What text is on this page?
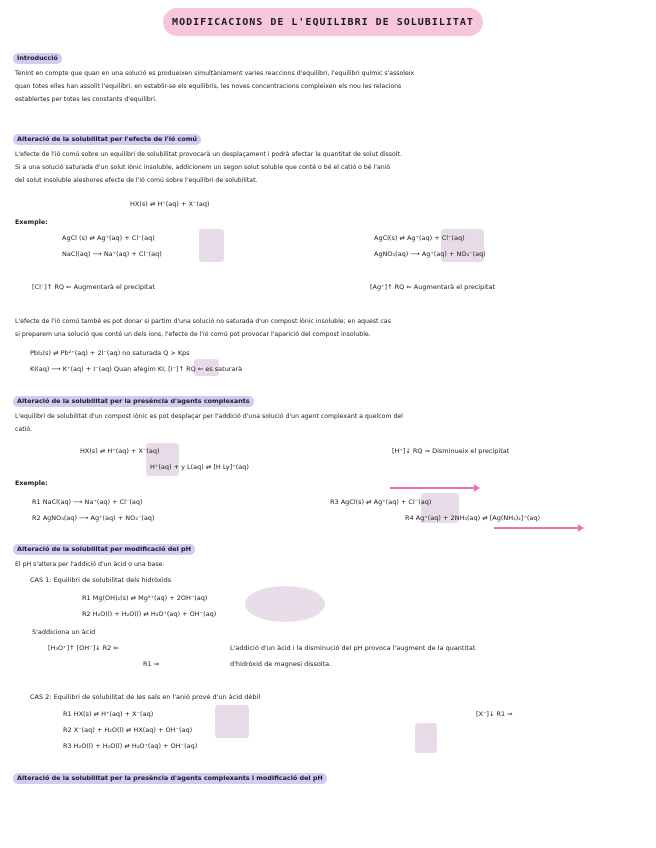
MODIFICACIONS DE L'EQUILIBRI DE SOLUBILITAT
Introducció
Tenint en compte que quan en una solució es produeixen simultàniament varies reaccions d'equilibri, l'equilibri químic s'assoleix
quan totes elles han assolit l'equilibri, en establir-se els equilibris, les noves concentracions compleixen els nou les relacions
establertes per totes les constants d'equilibri.
Alteració de la solubilitat per l'efecte de l'ió comú
L'efecte de l'ió comú sobre un equilibri de solubilitat provocarà un desplaçament i podrà afectar la quantitat de solut dissolt.
Si a una solució saturada d'un solut iònic insoluble, addicionem un segon solut soluble que conté o bé el catió o bé l'anió
del solut insoluble aleshores efecte de l'ió comú sobre l'equilibri de solubilitat.
HX(s) ⇄ H⁺(aq) + X⁻(aq)
Exemple:
AgCl (s) ⇄ Ag⁺(aq) + Cl⁻(aq)
NaCl(aq) ⟶ Na⁺(aq) + Cl⁻(aq)
AgCl(s) ⇄ Ag⁺(aq) + Cl⁻(aq)
AgNO₃(aq) ⟶ Ag⁺(aq) + NO₃⁻(aq)
[Cl⁻]↑ RQ ⇐ Augmentarà el precipitat	[Ag⁺]↑ RQ ⇐ Augmentarà el precipitat
L'efecte de l'ió comú també es pot donar si partim d'una solució no saturada d'un compost iònic insoluble; en aquest cas
si preparem una solució que conté un dels ions, l'efecte de l'ió comú pot provocar l'aparició del compost insoluble.
PbI₂(s) ⇄ Pb²⁺(aq) + 2I⁻(aq) no saturada Q > Kps
KI(aq) ⟶ K⁺(aq) + I⁻(aq) Quan afegim KI, [I⁻]↑ RQ ⇐ es saturarà
Alteració de la solubilitat per la presència d'agents complexants
L'equilibri de solubilitat d'un compost iònic es pot desplaçar per l'addició d'una solució d'un agent complexant a quelcom del
catió.
HX(s) ⇄ H⁺(aq) + X⁻(aq)
H⁺(aq) + y L(aq) ⇄ [H Ly]⁺(aq)
[H⁺]↓ RQ ⇒ Disminueix el precipitat
Exemple:
R1 NaCl(aq) ⟶ Na⁺(aq) + Cl⁻(aq)
R2 AgNO₃(aq) ⟶ Ag⁺(aq) + NO₃⁻(aq)
R3 AgCl(s) ⇄ Ag⁺(aq) + Cl⁻(aq)
R4 Ag⁺(aq) + 2NH₃(aq) ⇄ [Ag(NH₃)₂]⁺(aq)
Alteració de la solubilitat per modificació del pH
El pH s'altera per l'addició d'un àcid o una base.
CAS 1: Equilibri de solubilitat dels hidròxids
R1 Mg(OH)₂(s) ⇄ Mg²⁺(aq) + 2OH⁻(aq)
R2 H₂O(l) + H₂O(l) ⇄ H₃O⁺(aq) + OH⁻(aq)
S'addiciona un àcid
[H₃O⁺]↑ [OH⁻]↓ R2 ⇐
R1 ⇒
L'addició d'un àcid i la disminució del pH provoca l'augment de la quantitat
d'hidròxid de magnesi dissolta.
CAS 2: Equilibri de solubilitat de les sals en l'anió prové d'un àcid dèbil
R1 HX(s) ⇄ H⁺(aq) + X⁻(aq)
R2 X⁻(aq) + H₂O(l) ⇄ HX(aq) + OH⁻(aq)
R3 H₂O(l) + H₂O(l) ⇄ H₃O⁺(aq) + OH⁻(aq)
[X⁻]↓ R1 ⇒
Alteració de la solubilitat per la presència d'agents complexants i modificació del pH
